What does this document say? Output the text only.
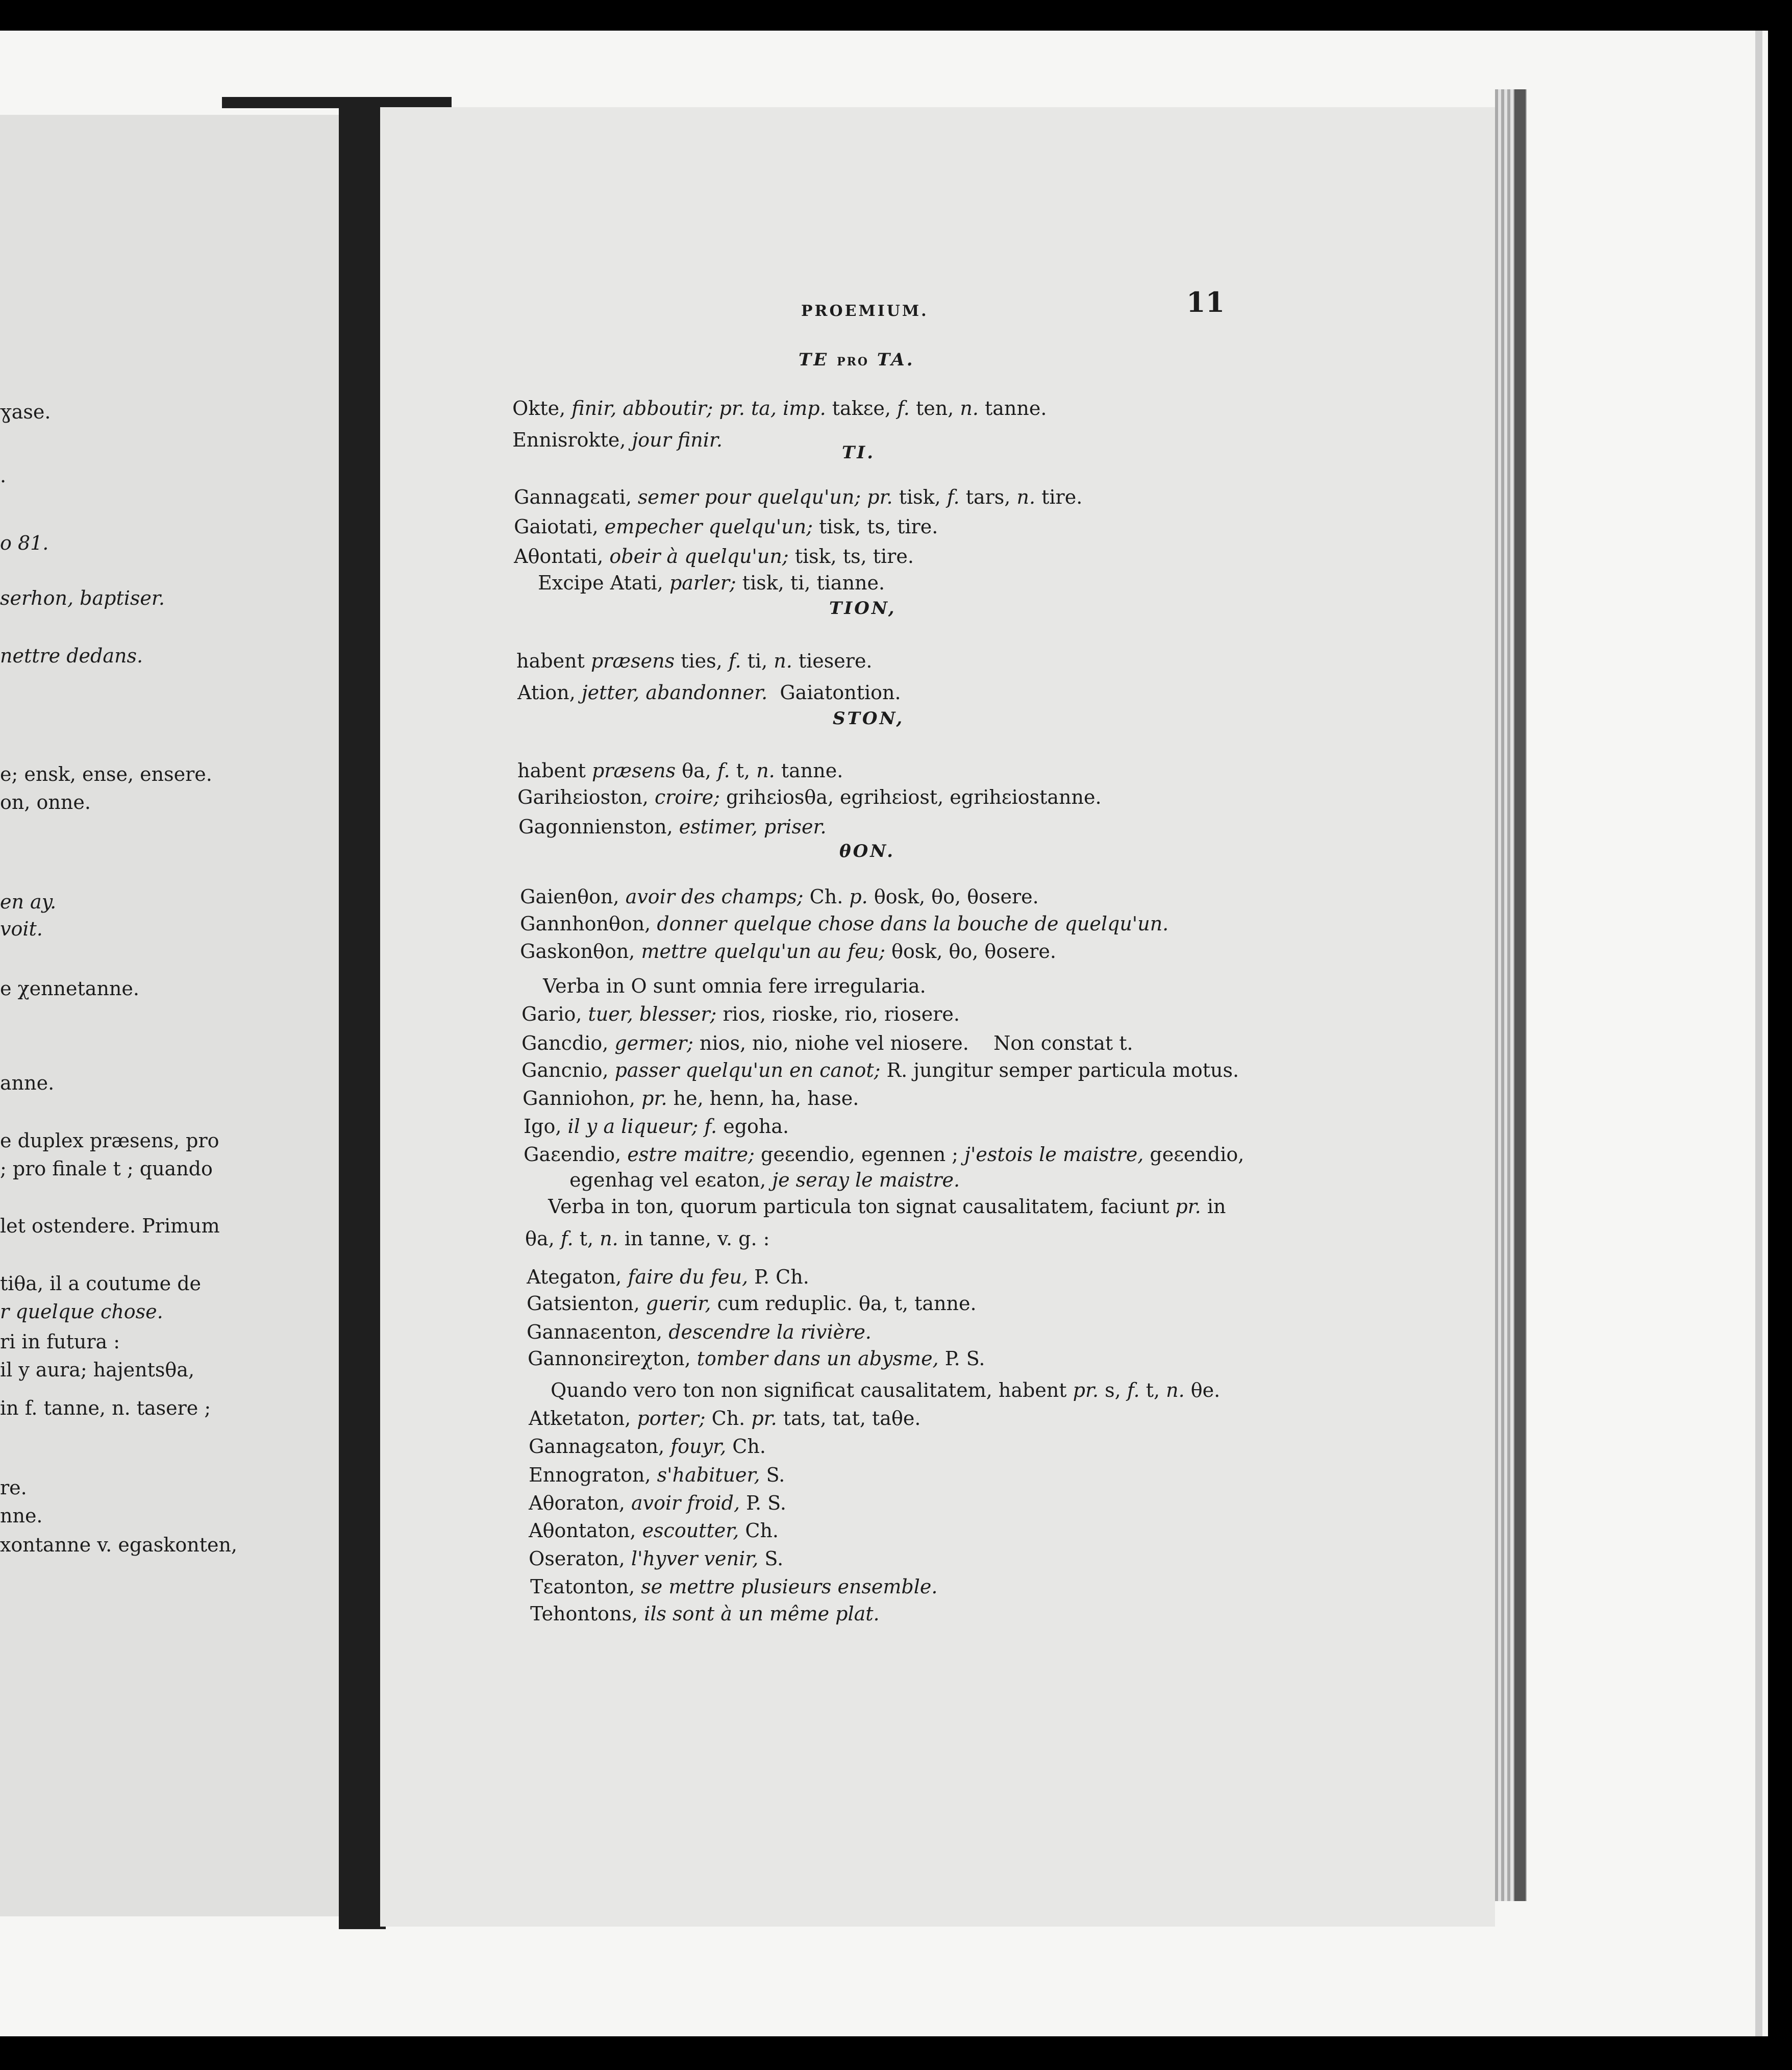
ɣase.
.
o 81.
serhon, baptiser.
nettre dedans.
e; ensk, ense, ensere.
on, onne.
en ay.
voit.
e χennetanne.
anne.
e duplex præsens, pro
; pro finale t ; quando
let ostendere. Primum
tiθa, il a coutume de
r quelque chose.
ri in futura :
il y aura; hajentsθa,
in f. tanne, n. tasere ;
re.
nne.
xontanne v. egaskonten,
PROEMIUM.	11
TE PRO TA.
TI.
TION,
STON,
θON.

Okte, finir, abboutir; pr. ta, imp. takɛe, f. ten, n. tanne.

Ennisrokte, jour finir.

Gannagɛati, semer pour quelqu'un; pr. tisk, f. tars, n. tire.

Gaiotati, empecher quelqu'un; tisk, ts, tire.

Aθontati, obeir à quelqu'un; tisk, ts, tire.

Excipe Atati, parler; tisk, ti, tianne.

habent præsens ties, f. ti, n. tiesere.

Ation, jetter, abandonner.  Gaiatontion.

habent præsens θa, f. t, n. tanne.

Garihɛioston, croire; grihɛiosθa, egrihɛiost, egrihɛiostanne.

Gagonnienston, estimer, priser.

Gaienθon, avoir des champs; Ch. p. θosk, θo, θosere.

Gannhonθon, donner quelque chose dans la bouche de quelqu'un.

Gaskonθon, mettre quelqu'un au feu; θosk, θo, θosere.

Verba in O sunt omnia fere irregularia.

Gario, tuer, blesser; rios, rioske, rio, riosere.

Gancdio, germer; nios, nio, niohe vel niosere.    Non constat t.

Gancnio, passer quelqu'un en canot; R. jungitur semper particula motus.

Ganniohon, pr. he, henn, ha, hase.

Igo, il y a liqueur; f. egoha.

Gaɛendio, estre maitre; geɛendio, egennen ; j'estois le maistre, geɛendio,

egenhag vel eɛaton, je seray le maistre.

Verba in ton, quorum particula ton signat causalitatem, faciunt pr. in

θa, f. t, n. in tanne, v. g. :

Ategaton, faire du feu, P. Ch.

Gatsienton, guerir, cum reduplic. θa, t, tanne.

Gannaɛenton, descendre la rivière.

Gannonɛireχton, tomber dans un abysme, P. S.

Quando vero ton non significat causalitatem, habent pr. s, f. t, n. θe.

Atketaton, porter; Ch. pr. tats, tat, taθe.

Gannagɛaton, fouyr, Ch.

Ennograton, s'habituer, S.

Aθoraton, avoir froid, P. S.

Aθontaton, escoutter, Ch.

Oseraton, l'hyver venir, S.

Tɛatonton, se mettre plusieurs ensemble.

Tehontons, ils sont à un même plat.
